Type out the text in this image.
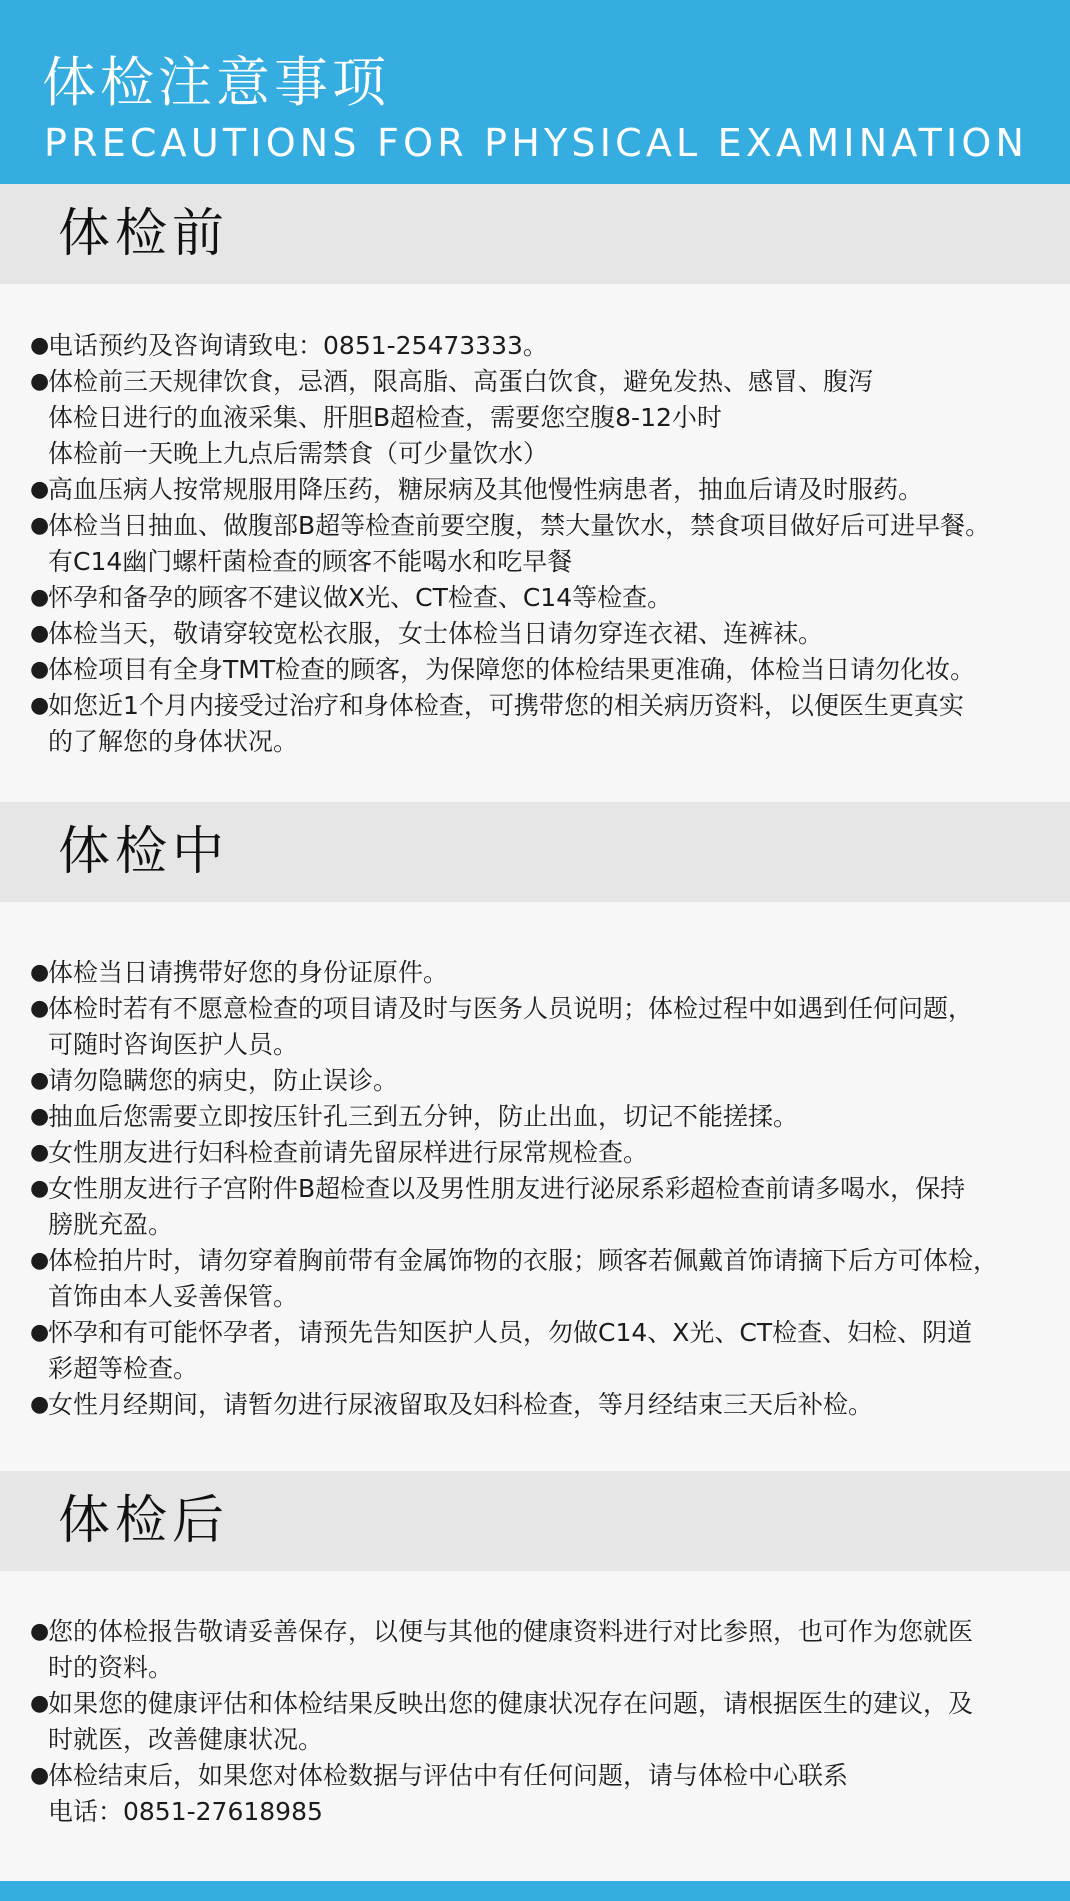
体检注意事项
PRECAUTIONS FOR PHYSICAL EXAMINATION
体检前
●
电话预约及咨询请致电：0851-25473333。
●
体检前三天规律饮食，忌酒，限高脂、高蛋白饮食，避免发热、感冒、腹泻
体检日进行的血液采集、肝胆B超检查，需要您空腹8-12小时
体检前一天晚上九点后需禁食（可少量饮水）
●
高血压病人按常规服用降压药，糖尿病及其他慢性病患者，抽血后请及时服药。
●
体检当日抽血、做腹部B超等检查前要空腹，禁大量饮水，禁食项目做好后可进早餐。
有C14幽门螺杆菌检查的顾客不能喝水和吃早餐
●
怀孕和备孕的顾客不建议做X光、CT检查、C14等检查。
●
体检当天，敬请穿较宽松衣服，女士体检当日请勿穿连衣裙、连裤袜。
●
体检项目有全身TMT检查的顾客，为保障您的体检结果更准确，体检当日请勿化妆。
●
如您近1个月内接受过治疗和身体检查，可携带您的相关病历资料，以便医生更真实
的了解您的身体状况。
体检中
●
体检当日请携带好您的身份证原件。
●
体检时若有不愿意检查的项目请及时与医务人员说明；体检过程中如遇到任何问题，
可随时咨询医护人员。
●
请勿隐瞒您的病史，防止误诊。
●
抽血后您需要立即按压针孔三到五分钟，防止出血，切记不能搓揉。
●
女性朋友进行妇科检查前请先留尿样进行尿常规检查。
●
女性朋友进行子宫附件B超检查以及男性朋友进行泌尿系彩超检查前请多喝水，保持
膀胱充盈。
●
体检拍片时，请勿穿着胸前带有金属饰物的衣服；顾客若佩戴首饰请摘下后方可体检，
首饰由本人妥善保管。
●
怀孕和有可能怀孕者，请预先告知医护人员，勿做C14、X光、CT检查、妇检、阴道
彩超等检查。
●
女性月经期间，请暂勿进行尿液留取及妇科检查，等月经结束三天后补检。
体检后
●
您的体检报告敬请妥善保存，以便与其他的健康资料进行对比参照，也可作为您就医
时的资料。
●
如果您的健康评估和体检结果反映出您的健康状况存在问题，请根据医生的建议，及
时就医，改善健康状况。
●
体检结束后，如果您对体检数据与评估中有任何问题，请与体检中心联系
电话：0851-27618985
